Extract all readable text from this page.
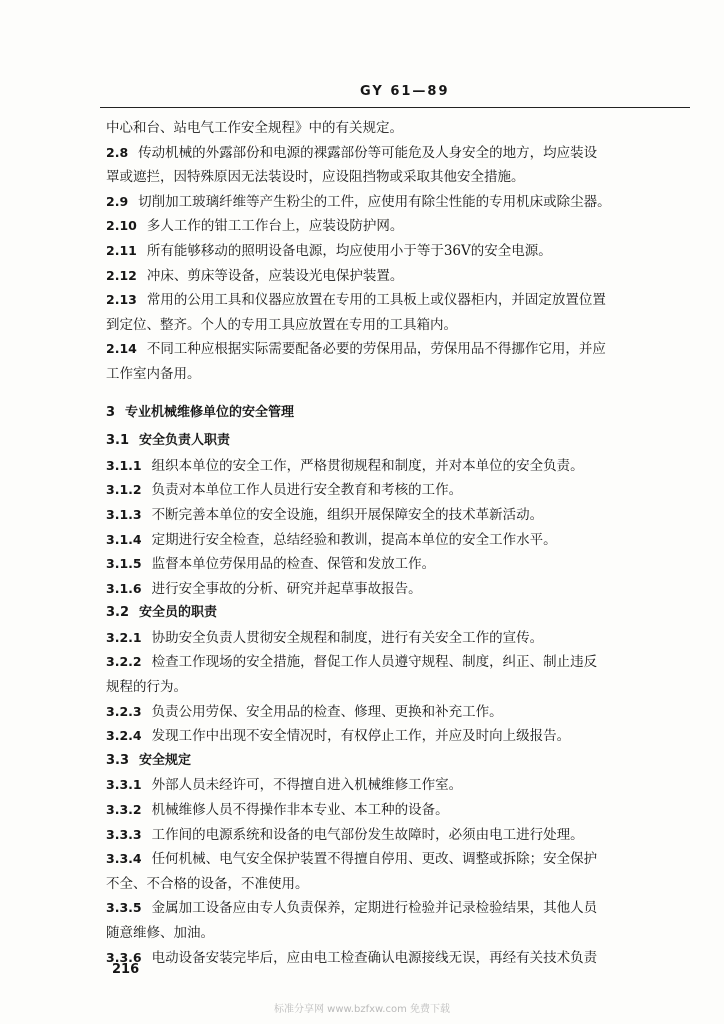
GY 61—89

中心和台、站电气工作安全规程》中的有关规定。

2.8 传动机械的外露部份和电源的裸露部份等可能危及人身安全的地方，均应装设

罩或遮拦，因特殊原因无法装设时，应设阻挡物或采取其他安全措施。

2.9 切削加工玻璃纤维等产生粉尘的工件，应使用有除尘性能的专用机床或除尘器。

2.10 多人工作的钳工工作台上，应装设防护网。

2.11 所有能够移动的照明设备电源，均应使用小于等于36V的安全电源。

2.12 冲床、剪床等设备，应装设光电保护装置。

2.13 常用的公用工具和仪器应放置在专用的工具板上或仪器柜内，并固定放置位置

到定位、整齐。个人的专用工具应放置在专用的工具箱内。

2.14 不同工种应根据实际需要配备必要的劳保用品，劳保用品不得挪作它用，并应

工作室内备用。

3 专业机械维修单位的安全管理

3.1 安全负责人职责

3.1.1 组织本单位的安全工作，严格贯彻规程和制度，并对本单位的安全负责。

3.1.2 负责对本单位工作人员进行安全教育和考核的工作。

3.1.3 不断完善本单位的安全设施，组织开展保障安全的技术革新活动。

3.1.4 定期进行安全检查，总结经验和教训，提高本单位的安全工作水平。

3.1.5 监督本单位劳保用品的检查、保管和发放工作。

3.1.6 进行安全事故的分析、研究并起草事故报告。

3.2 安全员的职责

3.2.1 协助安全负责人贯彻安全规程和制度，进行有关安全工作的宣传。

3.2.2 检查工作现场的安全措施，督促工作人员遵守规程、制度，纠正、制止违反

规程的行为。

3.2.3 负责公用劳保、安全用品的检查、修理、更换和补充工作。

3.2.4 发现工作中出现不安全情况时，有权停止工作，并应及时向上级报告。

3.3 安全规定

3.3.1 外部人员未经许可，不得擅自进入机械维修工作室。

3.3.2 机械维修人员不得操作非本专业、本工种的设备。

3.3.3 工作间的电源系统和设备的电气部份发生故障时，必须由电工进行处理。

3.3.4 任何机械、电气安全保护装置不得擅自停用、更改、调整或拆除；安全保护

不全、不合格的设备，不准使用。

3.3.5 金属加工设备应由专人负责保养，定期进行检验并记录检验结果，其他人员

随意维修、加油。

3.3.6 电动设备安装完毕后，应由电工检查确认电源接线无误，再经有关技术负责

216
标准分享网 www.bzfxw.com 免费下载
